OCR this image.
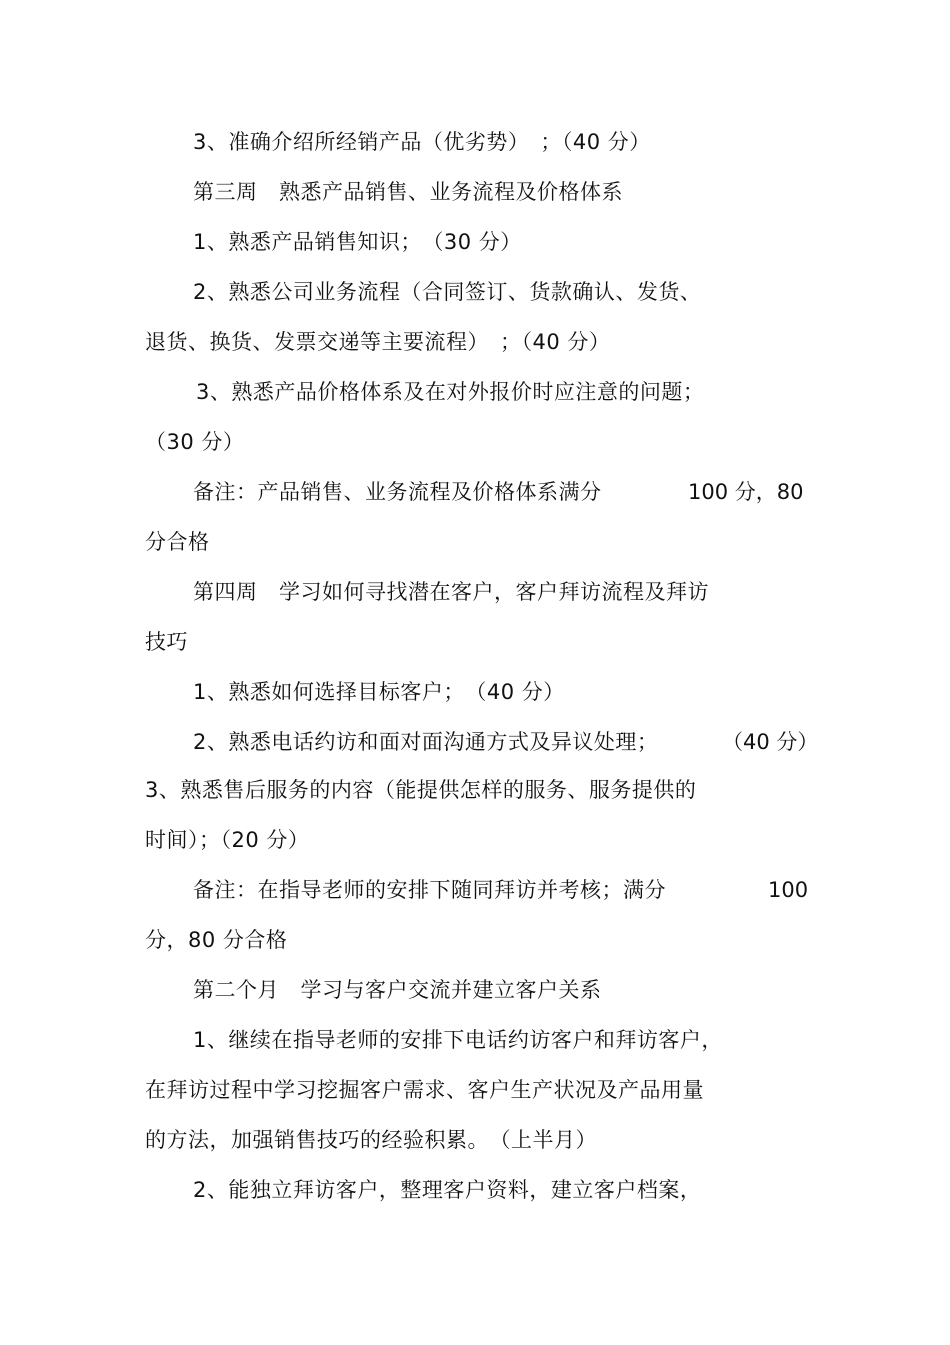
3、准确介绍所经销产品（优劣势）　；（40 分）
第三周　熟悉产品销售、业务流程及价格体系
1、熟悉产品销售知识；　（30 分）
2、熟悉公司业务流程（合同签订、货款确认、发货、
退货、换货、发票交递等主要流程）　；（40 分）
3、熟悉产品价格体系及在对外报价时应注意的问题；
（30 分）
备注：产品销售、业务流程及价格体系满分	100 分，80
分合格
第四周　学习如何寻找潜在客户，客户拜访流程及拜访
技巧
1、熟悉如何选择目标客户；　（40 分）
2、熟悉电话约访和面对面沟通方式及异议处理；	（40 分）
3、熟悉售后服务的内容（能提供怎样的服务、服务提供的
时间）；（20 分）
备注：在指导老师的安排下随同拜访并考核；满分	100
分，80 分合格
第二个月　学习与客户交流并建立客户关系
1、继续在指导老师的安排下电话约访客户和拜访客户，
在拜访过程中学习挖掘客户需求、客户生产状况及产品用量
的方法，加强销售技巧的经验积累。　（上半月）
2、能独立拜访客户，整理客户资料，建立客户档案，
